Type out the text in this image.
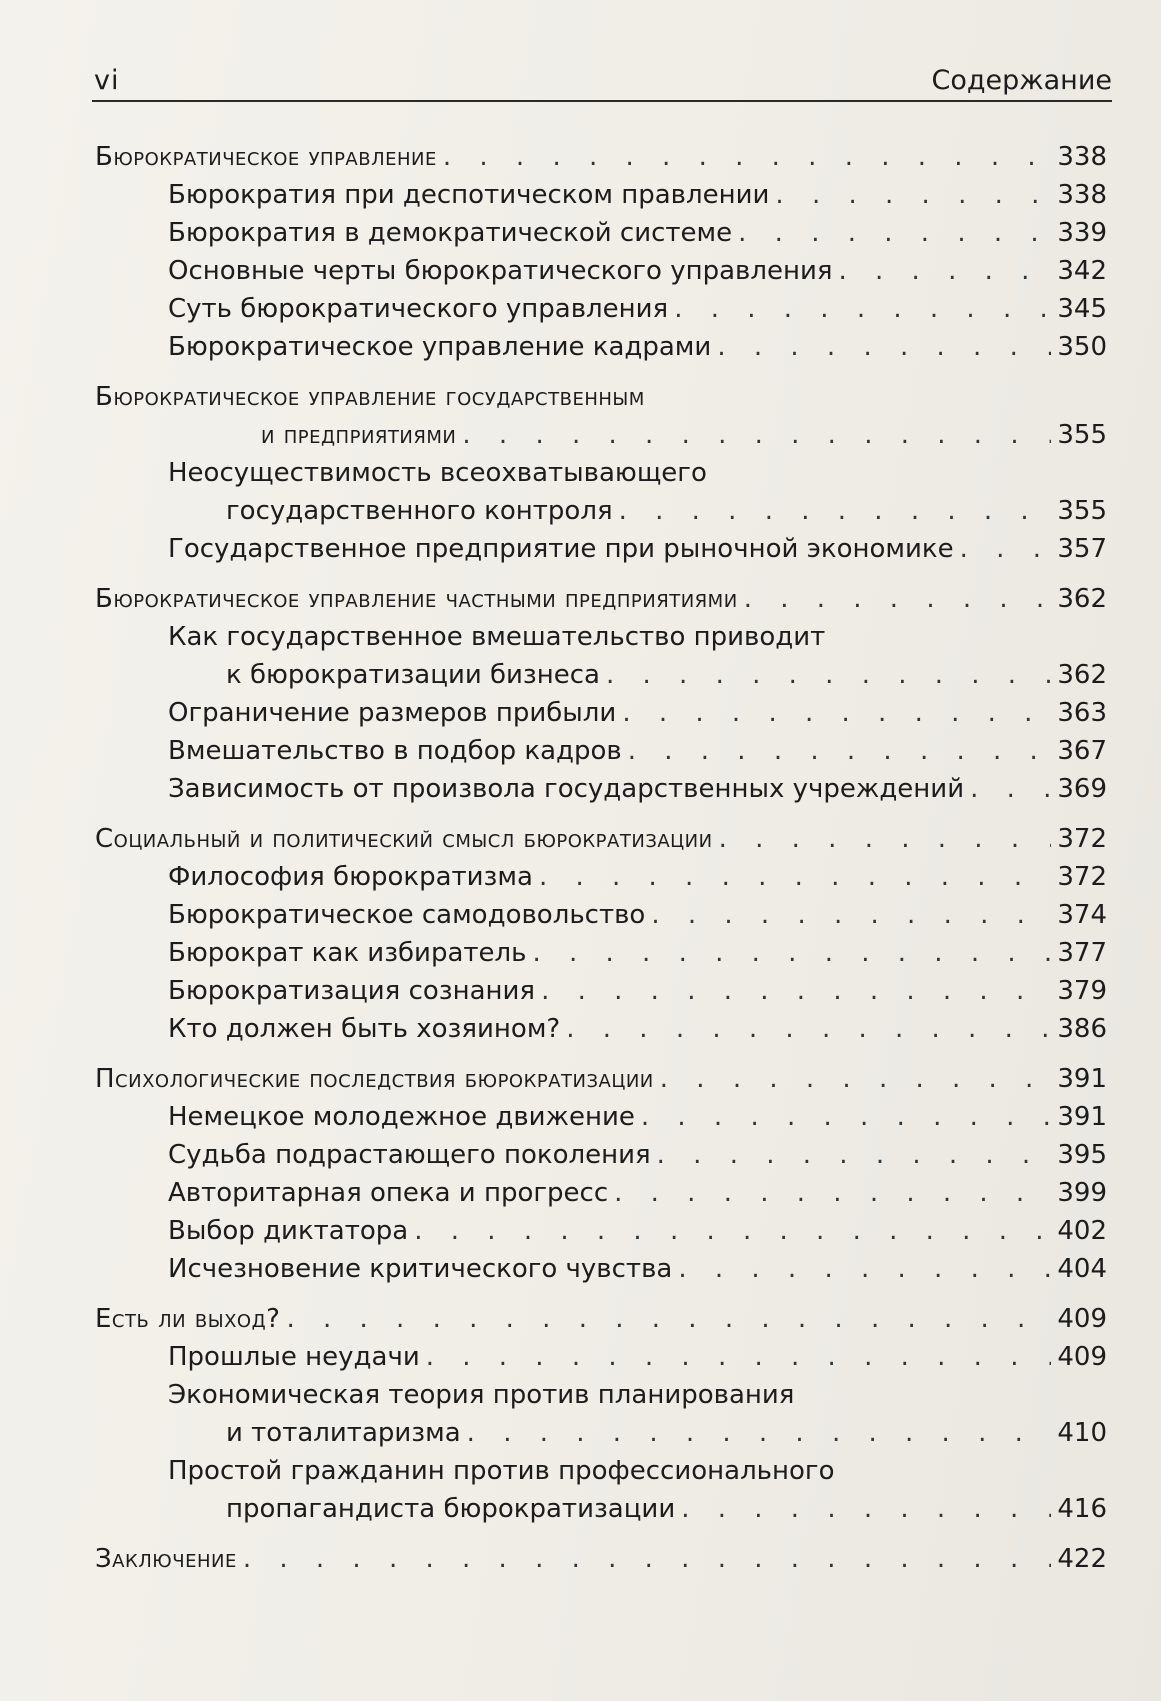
vi	Содержание
Бюрократическое управление . . .	338
Бюрократия при деспотическом правлении . . .	338
Бюрократия в демократической системе . . .	339
Основные черты бюрократического управления . . .	342
Суть бюрократического управления . . .	345
Бюрократическое управление кадрами . . .	350
Бюрократическое управление государственным
и предприятиями . . .	355
Неосуществимость всеохватывающего
государственного контроля . . .	355
Государственное предприятие при рыночной экономике . . .	357
Бюрократическое управление частными предприятиями . . .	362
Как государственное вмешательство приводит
к бюрократизации бизнеса . . .	362
Ограничение размеров прибыли . . .	363
Вмешательство в подбор кадров . . .	367
Зависимость от произвола государственных учреждений . . .	369
Социальный и политический смысл бюрократизации . . .	372
Философия бюрократизма . . .	372
Бюрократическое самодовольство . . .	374
Бюрократ как избиратель . . .	377
Бюрократизация сознания . . .	379
Кто должен быть хозяином? . . .	386
Психологические последствия бюрократизации . . .	391
Немецкое молодежное движение . . .	391
Судьба подрастающего поколения . . .	395
Авторитарная опека и прогресс . . .	399
Выбор диктатора . . .	402
Исчезновение критического чувства . . .	404
Есть ли выход? . . .	409
Прошлые неудачи . . .	409
Экономическая теория против планирования
и тоталитаризма . . .	410
Простой гражданин против профессионального
пропагандиста бюрократизации . . .	416
Заключение . . .	422
